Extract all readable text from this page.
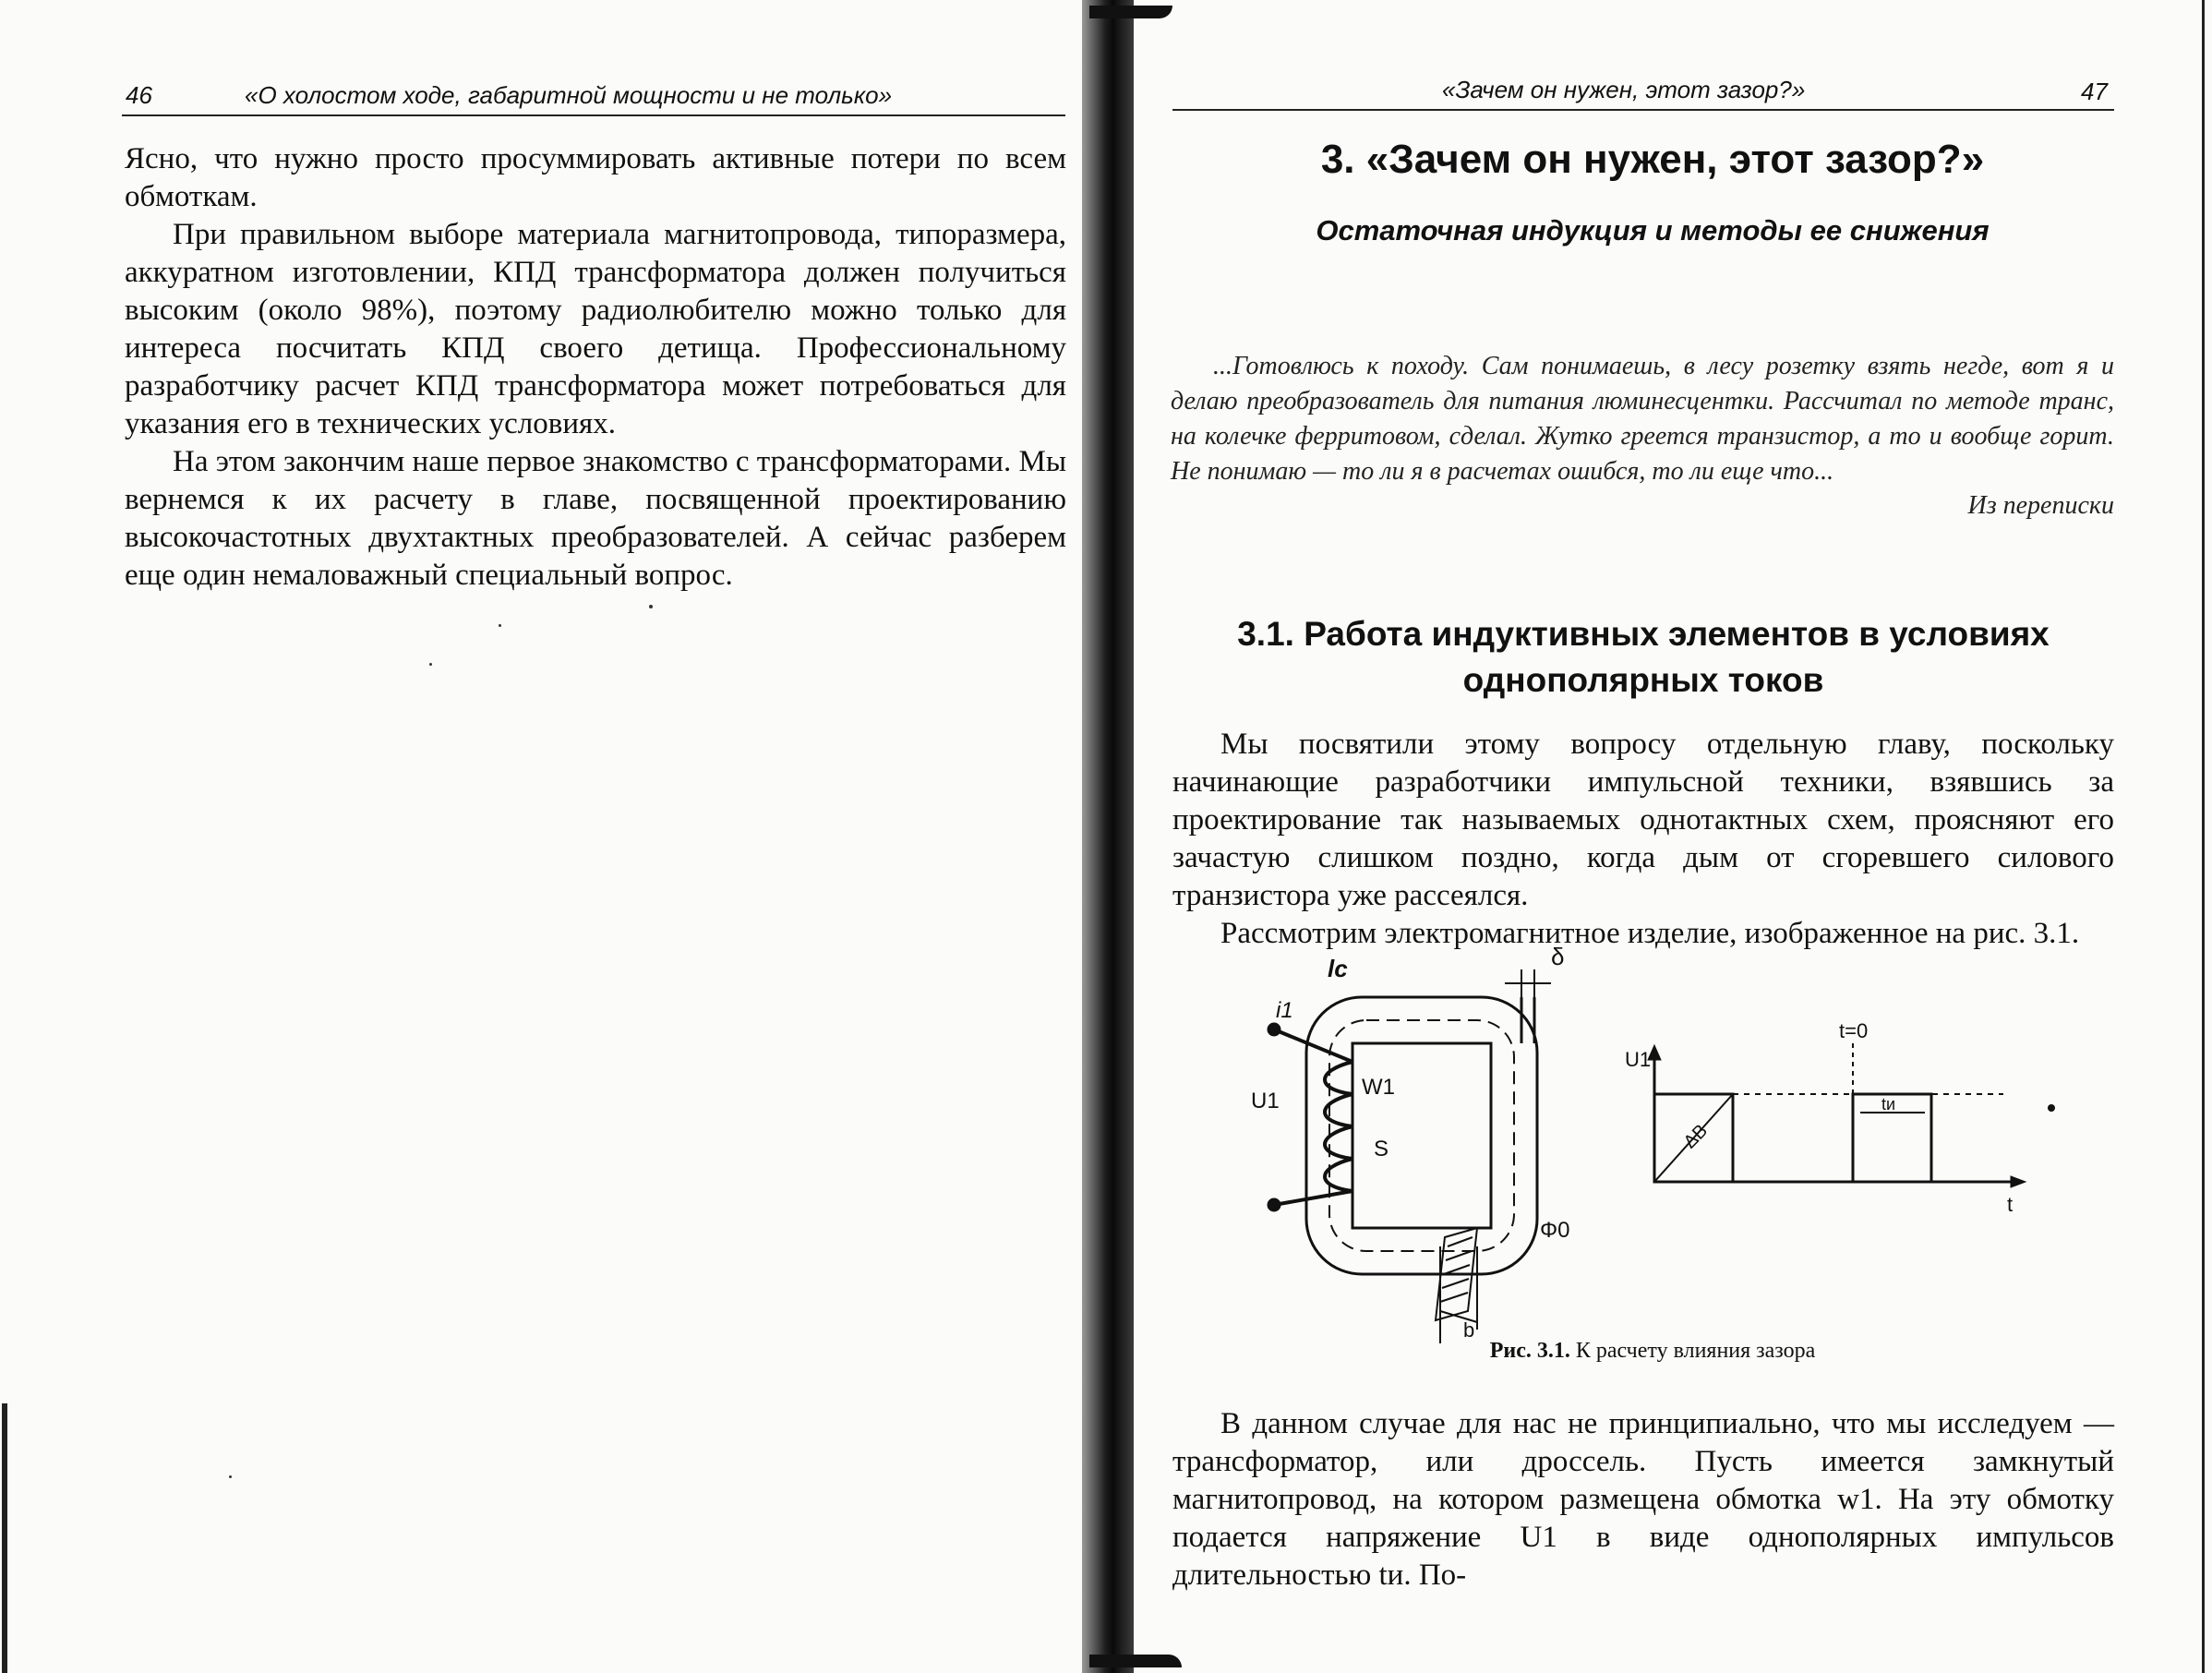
46	«О холостом ходе, габаритной мощности и не только»

Ясно, что нужно просто просуммировать активные потери по всем обмоткам.

При правильном выборе материала магнитопровода, типоразмера, аккуратном изготовлении, КПД трансформатора должен получиться высоким (около 98%), поэтому радиолюбителю можно только для интереса посчитать КПД своего детища. Профессиональному разработчику расчет КПД трансформатора может потребоваться для указания его в технических условиях.

На этом закончим наше первое знакомство с трансформаторами. Мы вернемся к их расчету в главе, посвященной проектированию высокочастотных двухтактных преобразователей. А сейчас разберем еще один немаловажный специальный вопрос.

«Зачем он нужен, этот зазор?»	47
3. «Зачем он нужен, этот зазор?»
Остаточная индукция и методы ее снижения

...Готовлюсь к походу. Сам понимаешь, в лесу розетку взять негде, вот я и делаю преобразователь для питания люминесцентки. Рассчитал по методе транс, на колечке ферритовом, сделал. Жутко греется транзистор, а то и вообще горит. Не понимаю — то ли я в расчетах ошибся, то ли еще что...

Из переписки

3.1. Работа индуктивных элементов в условиях однополярных токов

Мы посвятили этому вопросу отдельную главу, поскольку начинающие разработчики импульсной техники, взявшись за проектирование так называемых однотактных схем, проясняют его зачастую слишком поздно, когда дым от сгоревшего силового транзистора уже рассеялся.

Рассмотрим электромагнитное изделие, изображенное на рис. 3.1.

lс	δ
i1
U1
W1
S
Φ0
b
t=0
U1
ΔB
tи
t
Рис. 3.1. К расчету влияния зазора

В данном случае для нас не принципиально, что мы исследуем — трансформатор, или дроссель. Пусть имеется замкнутый магнитопровод, на котором размещена обмотка w1. На эту обмотку подается напряжение U1 в виде однополярных импульсов длительностью tи. По-
